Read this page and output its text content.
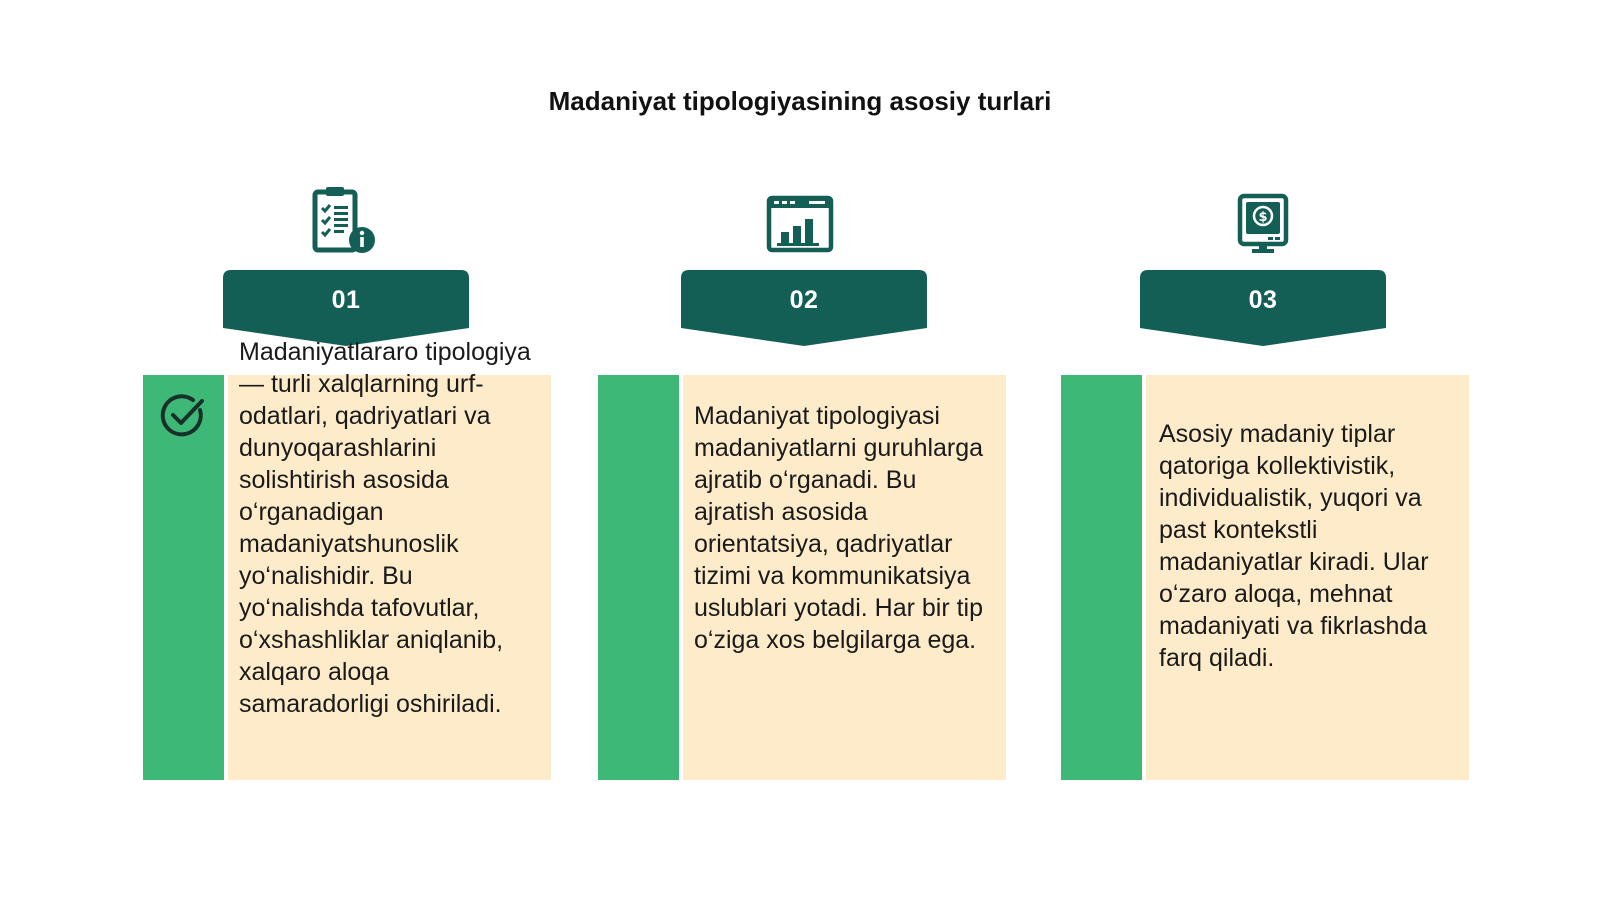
Madaniyat tipologiyasining asosiy turlari
01
Madaniyatlararo tipologiya — turli xalqlarning urf-odatlari, qadriyatlari va dunyoqarashlarini solishtirish asosida o‘rganadigan madaniyatshunoslik yo‘nalishidir. Bu yo‘nalishda tafovutlar, o‘xshashliklar aniqlanib, xalqaro aloqa samaradorligi oshiriladi.
02
Madaniyat tipologiyasi madaniyatlarni guruhlarga ajratib o‘rganadi. Bu ajratish asosida orientatsiya, qadriyatlar tizimi va kommunikatsiya uslublari yotadi. Har bir tip o‘ziga xos belgilarga ega.
$
03
Asosiy madaniy tiplar qatoriga kollektivistik, individualistik, yuqori va past kontekstli madaniyatlar kiradi. Ular o‘zaro aloqa, mehnat madaniyati va fikrlashda farq qiladi.
